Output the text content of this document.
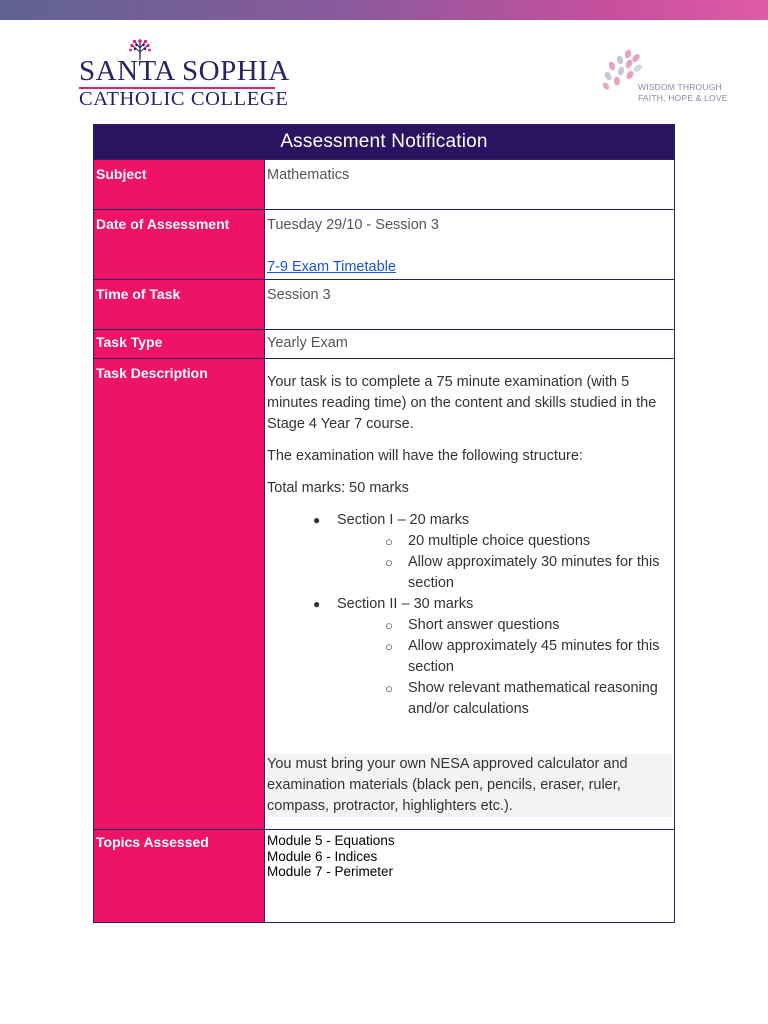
SANTA SOPHIA
CATHOLIC COLLEGE
WISDOM THROUGH
FAITH, HOPE & LOVE
Assessment Notification
Subject	Mathematics
Date of Assessment	Tuesday 29/10 - Session 3
7-9 Exam Timetable
Time of Task	Session 3
Task Type	Yearly Exam
Task Description

Your task is to complete a 75 minute examination (with 5 minutes reading time) on the content and skills studied in the Stage 4 Year 7 course.

The examination will have the following structure:

Total marks: 50 marks

● Section I – 20 marks
○ 20 multiple choice questions
○ Allow approximately 30 minutes for this section
● Section II – 30 marks
○ Short answer questions
○ Allow approximately 45 minutes for this section
○ Show relevant mathematical reasoning and/or calculations

You must bring your own NESA approved calculator and examination materials (black pen, pencils, eraser, ruler, compass, protractor, highlighters etc.).

Topics Assessed	Module 5 - Equations
Module 6 - Indices
Module 7 - Perimeter
